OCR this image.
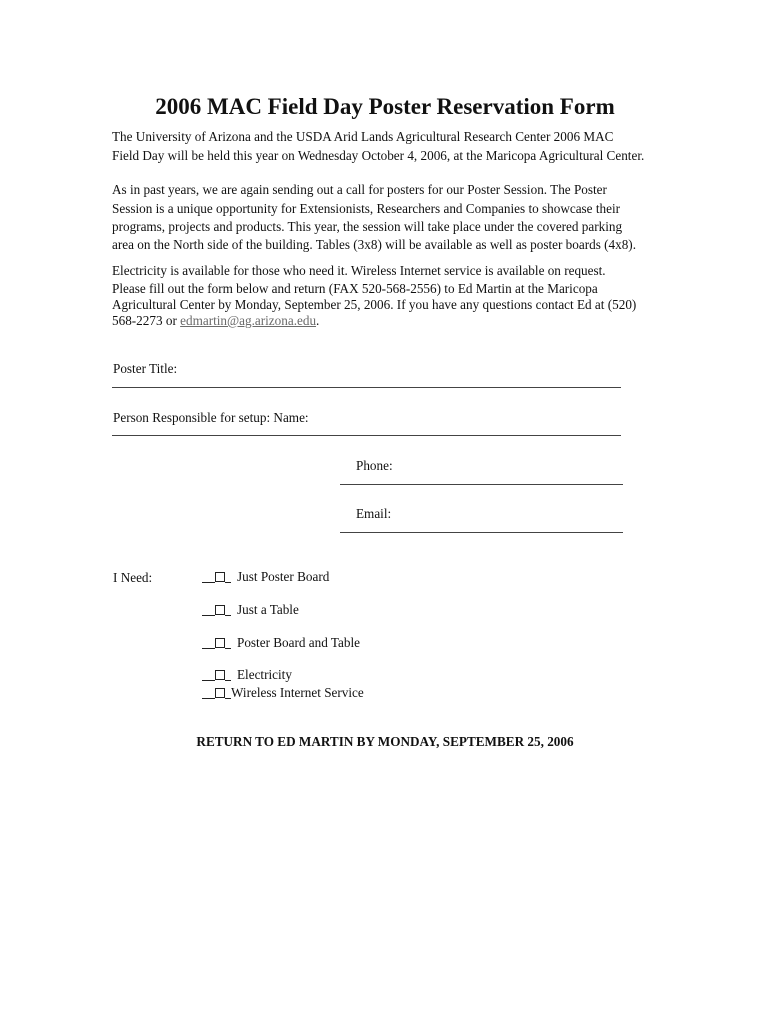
2006 MAC Field Day Poster Reservation Form
The University of Arizona and the USDA Arid Lands Agricultural Research Center 2006 MAC
Field Day will be held this year on Wednesday October 4, 2006, at the Maricopa Agricultural Center.
As in past years, we are again sending out a call for posters for our Poster Session. The Poster
Session is a unique opportunity for Extensionists, Researchers and Companies to showcase their
programs, projects and products. This year, the session will take place under the covered parking
area on the North side of the building. Tables (3x8) will be available as well as poster boards (4x8).
Electricity is available for those who need it. Wireless Internet service is available on request.
Please fill out the form below and return (FAX 520-568-2556) to Ed Martin at the Maricopa
Agricultural Center by Monday, September 25, 2006. If you have any questions contact Ed at (520)
568-2273 or edmartin@ag.arizona.edu.
Poster Title:
Person Responsible for setup: Name:
Phone:
Email:
I Need:	Just Poster Board
Just a Table
Poster Board and Table
Electricity
Wireless Internet Service
RETURN TO ED MARTIN BY MONDAY, SEPTEMBER 25, 2006
